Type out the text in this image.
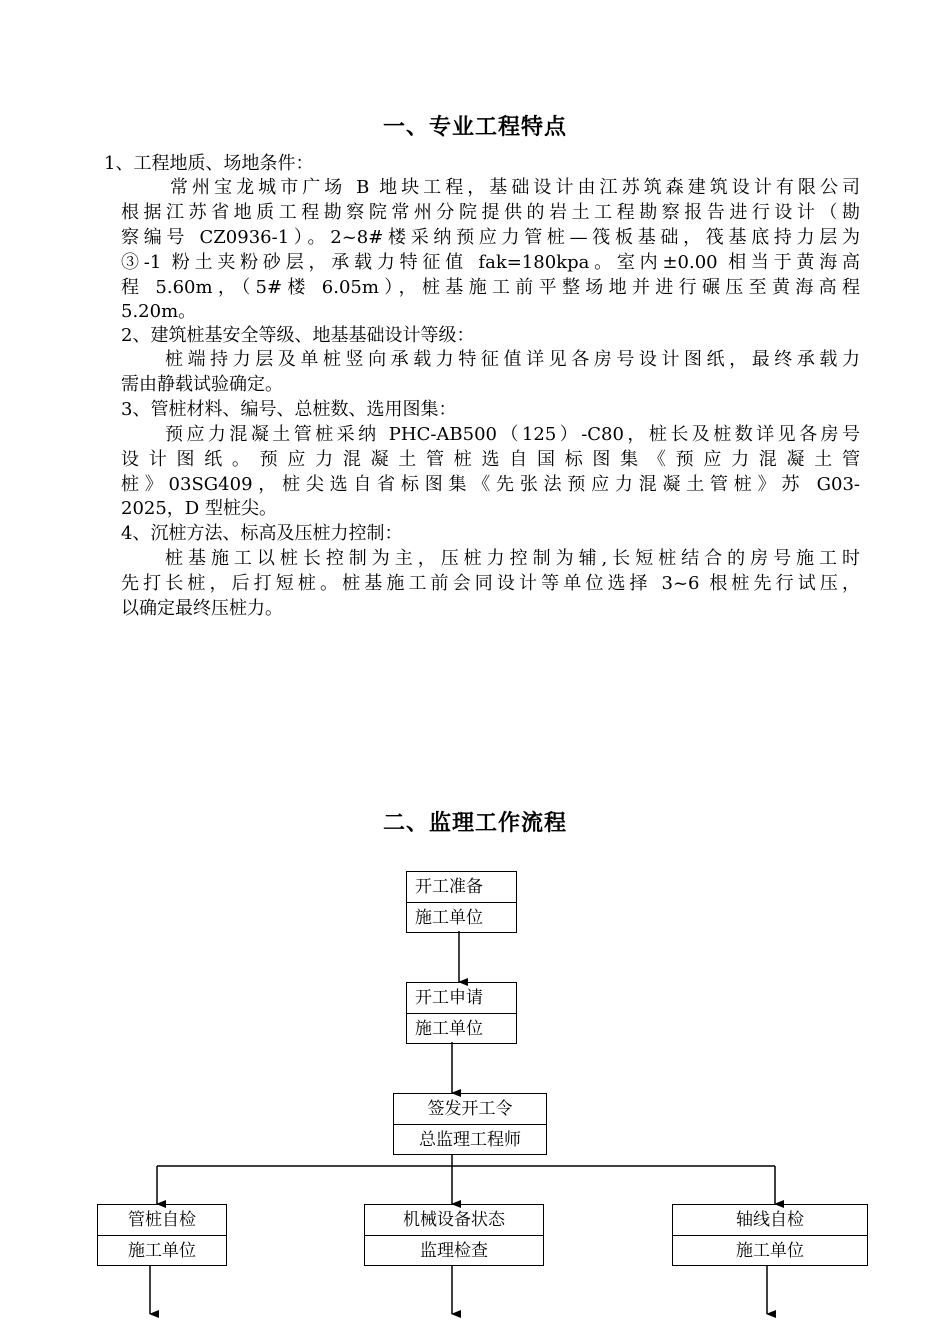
一、专业工程特点
1、工程地质、场地条件：
常州宝龙城市广场 B 地块工程，基础设计由江苏筑森建筑设计有限公司
根据江苏省地质工程勘察院常州分院提供的岩土工程勘察报告进行设计（勘
察编号 CZ0936-1）。2~8#楼采纳预应力管桩—筏板基础，筏基底持力层为
③-1 粉土夹粉砂层，承载力特征值 fak=180kpa。室内±0.00 相当于黄海高
程 5.60m，（5#楼 6.05m），桩基施工前平整场地并进行碾压至黄海高程
5.20m。
2、建筑桩基安全等级、地基基础设计等级：
桩端持力层及单桩竖向承载力特征值详见各房号设计图纸，最终承载力
需由静载试验确定。
3、管桩材料、编号、总桩数、选用图集：
预应力混凝土管桩采纳 PHC-AB500（125）-C80，桩长及桩数详见各房号
设计图纸。预应力混凝土管桩选自国标图集《预应力混凝土管
桩》03SG409，桩尖选自省标图集《先张法预应力混凝土管桩》苏 G03-
2025，D 型桩尖。
4、沉桩方法、标高及压桩力控制：
桩基施工以桩长控制为主，压桩力控制为辅,长短桩结合的房号施工时
先打长桩，后打短桩。桩基施工前会同设计等单位选择 3~6 根桩先行试压，
以确定最终压桩力。
二、监理工作流程
开工准备
施工单位
开工申请
施工单位
签发开工令
总监理工程师
管桩自检
施工单位
机械设备状态
监理检查
轴线自检
施工单位
